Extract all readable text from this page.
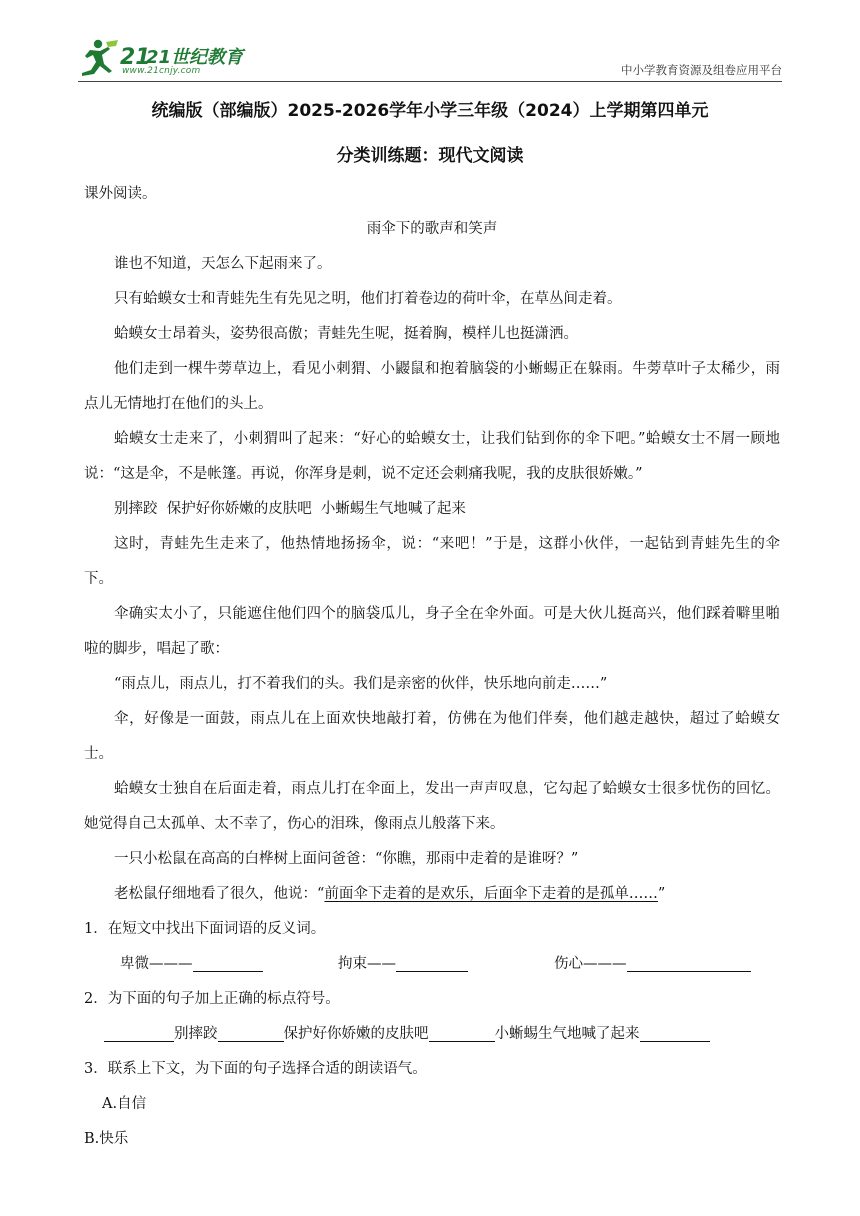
21
21世纪教育
www.21cnjy.com	中小学教育资源及组卷应用平台
统编版（部编版）2025-2026学年小学三年级（2024）上学期第四单元
分类训练题：现代文阅读

课外阅读。

雨伞下的歌声和笑声

谁也不知道，天怎么下起雨来了。

只有蛤蟆女士和青蛙先生有先见之明，他们打着卷边的荷叶伞，在草丛间走着。

蛤蟆女士昂着头，姿势很高傲；青蛙先生呢，挺着胸，模样儿也挺潇洒。

他们走到一棵牛蒡草边上，看见小刺猬、小鼹鼠和抱着脑袋的小蜥蜴正在躲雨。牛蒡草叶子太稀少，雨点儿无情地打在他们的头上。

蛤蟆女士走来了，小刺猬叫了起来：“好心的蛤蟆女士，让我们钻到你的伞下吧。”蛤蟆女士不屑一顾地说：“这是伞，不是帐篷。再说，你浑身是刺，说不定还会刺痛我呢，我的皮肤很娇嫩。”

别摔跤  保护好你娇嫩的皮肤吧  小蜥蜴生气地喊了起来

这时，青蛙先生走来了，他热情地扬扬伞，说：“来吧！”于是，这群小伙伴，一起钻到青蛙先生的伞下。

伞确实太小了，只能遮住他们四个的脑袋瓜儿，身子全在伞外面。可是大伙儿挺高兴，他们踩着噼里啪啦的脚步，唱起了歌：

“雨点儿，雨点儿，打不着我们的头。我们是亲密的伙伴，快乐地向前走……”

伞，好像是一面鼓，雨点儿在上面欢快地敲打着，仿佛在为他们伴奏，他们越走越快，超过了蛤蟆女士。

蛤蟆女士独自在后面走着，雨点儿打在伞面上，发出一声声叹息，它勾起了蛤蟆女士很多忧伤的回忆。她觉得自己太孤单、太不幸了，伤心的泪珠，像雨点儿般落下来。

一只小松鼠在高高的白桦树上面问爸爸：“你瞧，那雨中走着的是谁呀？”

老松鼠仔细地看了很久，他说：“前面伞下走着的是欢乐，后面伞下走着的是孤单……”

1．在短文中找出下面词语的反义词。

卑微———	拘束——	伤心———

2．为下面的句子加上正确的标点符号。

别摔跤	保护好你娇嫩的皮肤吧	小蜥蜴生气地喊了起来

3．联系上下文，为下面的句子选择合适的朗读语气。

A.自信

B.快乐
